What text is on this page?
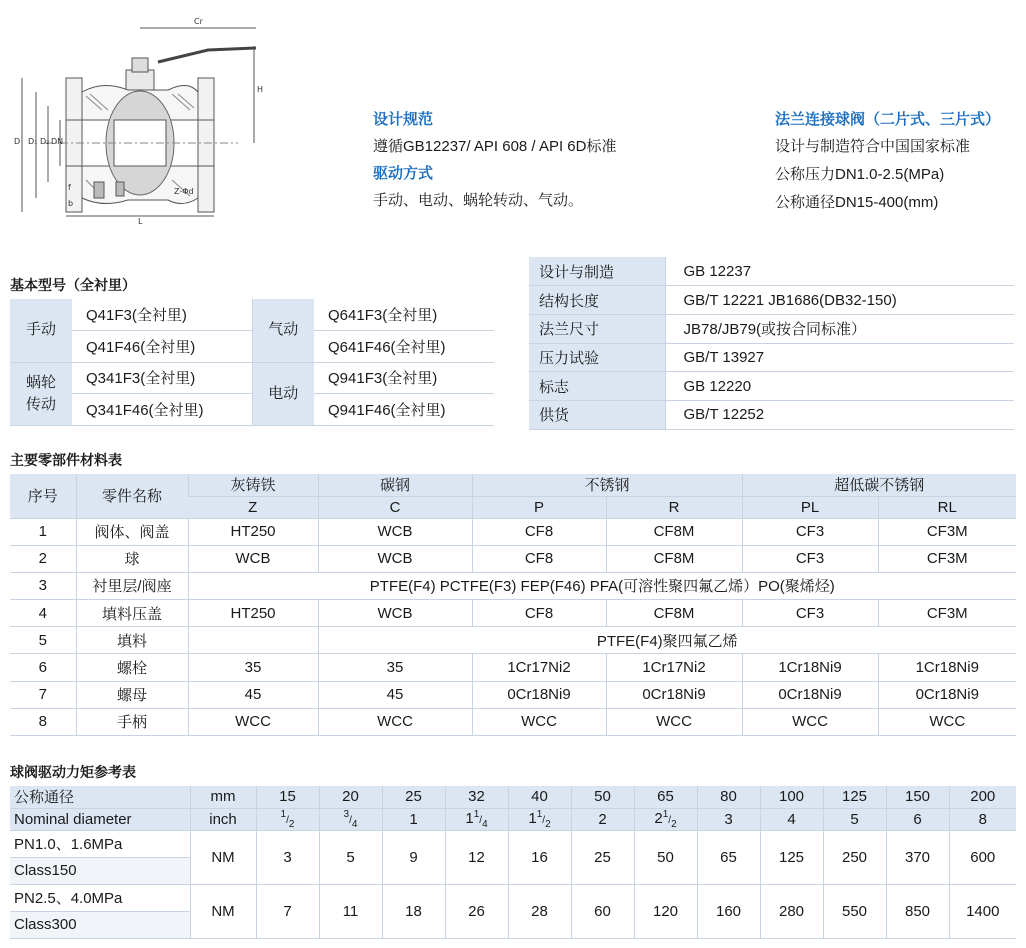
Cr
H
D D₁ D₂ DN
f
b
L
Z-Φd
设计规范
遵循GB12237/ API 608 / API 6D标准
驱动方式
手动、电动、蜗轮转动、气动。
法兰连接球阀（二片式、三片式）
设计与制造符合中国国家标准
公称压力DN1.0-2.5(MPa)
公称通径DN15-400(mm)
基本型号（全衬里）
手动	Q41F3(全衬里)	气动	Q641F3(全衬里)
	Q41F46(全衬里)		Q641F46(全衬里)

蜗轮
传动	Q341F3(全衬里)	电动	Q941F3(全衬里)
	Q341F46(全衬里)		Q941F46(全衬里)
设计与制造	GB 12237
结构长度	GB/T 12221 JB1686(DB32-150)
法兰尺寸	JB78/JB79(或按合同标准）
压力试验	GB/T 13927
标志	GB 12220
供货	GB/T 12252
主要零部件材料表
序号	零件名称	灰铸铁	碳钢	不锈钢		超低碳不锈钢	
		Z	C	P	R	PL	RL
1	阀体、阀盖	HT250	WCB	CF8	CF8M	CF3	CF3M
2	球	WCB	WCB	CF8	CF8M	CF3	CF3M
3	衬里层/阀座	PTFE(F4) PCTFE(F3) FEP(F46) PFA(可溶性聚四氟乙烯）PO(聚烯烃)					
4	填料压盖	HT250	WCB	CF8	CF8M	CF3	CF3M
5	填料		PTFE(F4)聚四氟乙烯				
6	螺栓	35	35	1Cr17Ni2	1Cr17Ni2	1Cr18Ni9	1Cr18Ni9
7	螺母	45	45	0Cr18Ni9	0Cr18Ni9	0Cr18Ni9	0Cr18Ni9
8	手柄	WCC	WCC	WCC	WCC	WCC	WCC
球阀驱动力矩参考表
公称通径	mm	15	20	25	32	40	50	65	80	100	125	150	200
Nominal diameter	inch	$^1/_2$	$^3/_4$	1	$1^1/_4$	$1^1/_2$	2	$2^1/_2$	3	4	5	6	8
PN1.0、1.6MPa	NM	3	5	9	12	16	25	50	65	125	250	370	600
Class150													
PN2.5、4.0MPa	NM	7	11	18	26	28	60	120	160	280	550	850	1400
Class300													
